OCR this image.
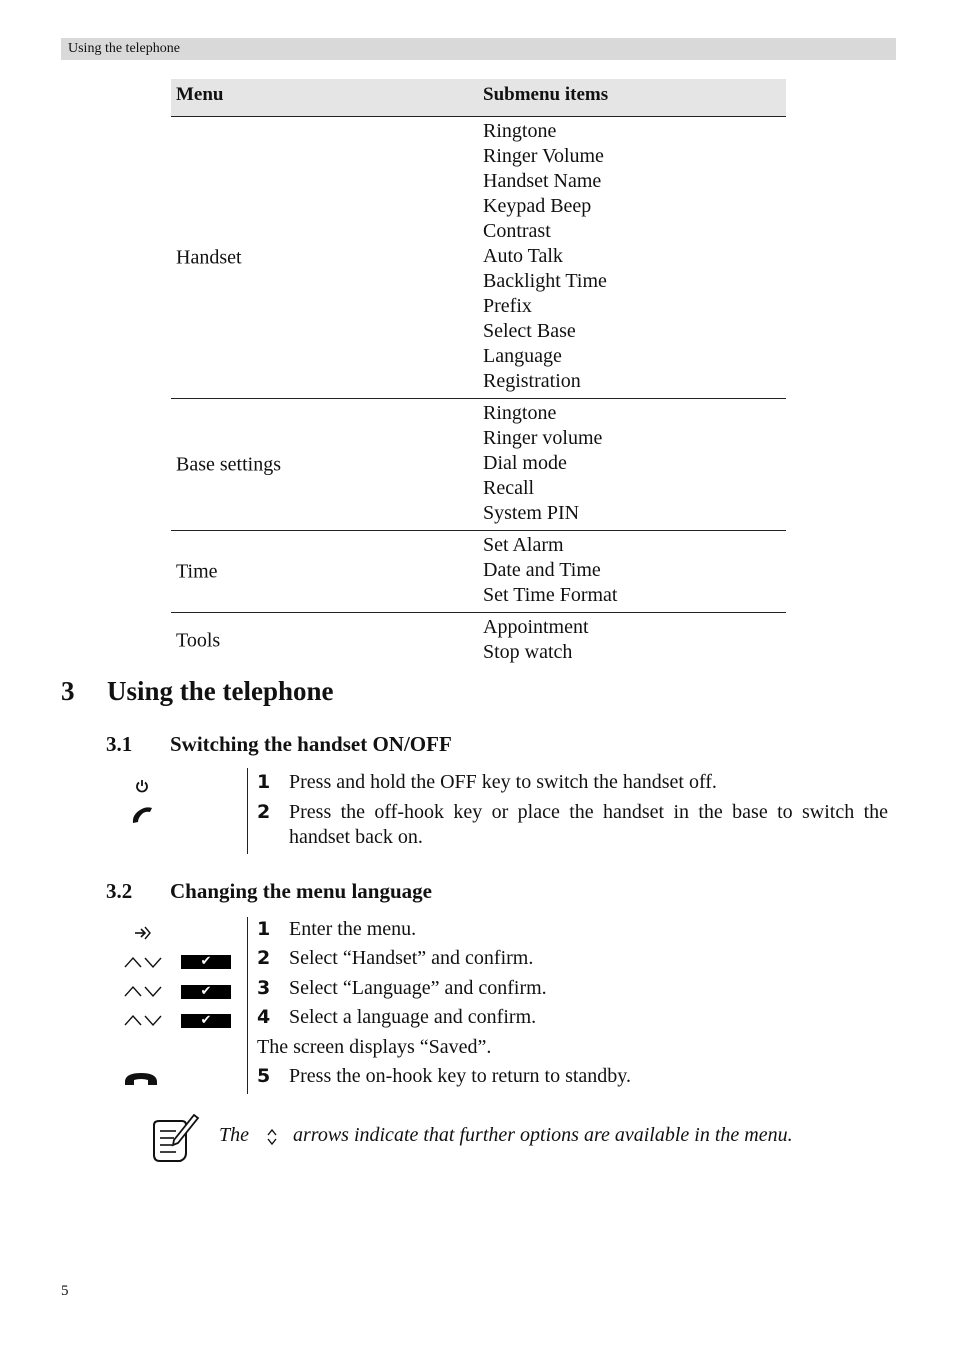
Using the telephone
Menu	Submenu items
Handset
Ringtone
Ringer Volume
Handset Name
Keypad Beep
Contrast
Auto Talk
Backlight Time
Prefix
Select Base
Language
Registration
Base settings
Ringtone
Ringer volume
Dial mode
Recall
System PIN
Time
Set Alarm
Date and Time
Set Time Format
Tools
Appointment
Stop watch
3 Using the telephone
3.1 Switching the handset ON/OFF
1 Press and hold the OFF key to switch the handset off.
2 Press the off-hook key or place the handset in the base to switch the handset back on.
3.2 Changing the menu language
✔
✔
✔
1 Enter the menu.
2 Select “Handset” and confirm.
3 Select “Language” and confirm.
4 Select a language and confirm.
The screen displays “Saved”.
5 Press the on-hook key to return to standby.
The arrows indicate that further options are available in the menu.
5
